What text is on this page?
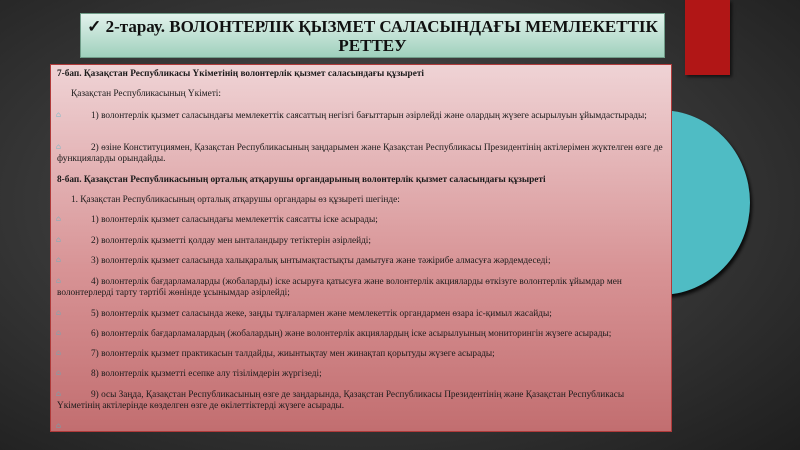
✓ 2-тарау. ВОЛОНТЕРЛІК ҚЫЗМЕТ САЛАСЫНДАҒЫ МЕМЛЕКЕТТІК РЕТТЕУ
7-бап. Қазақстан Республикасы Үкіметінің волонтерлік қызмет саласындағы құзыреті
Қазақстан Республикасының Үкіметі:
⌂	1) волонтерлік қызмет саласындағы мемлекеттік саясаттың негізгі бағыттарын әзірлейді және олардың жүзеге асырылуын ұйымдастырады;
⌂	2) өзіне Конституциямен, Қазақстан Республикасының заңдарымен және Қазақстан Республикасы Президентінің актілерімен жүктелген өзге де функцияларды орындайды.
8-бап. Қазақстан Республикасының орталық атқарушы органдарының волонтерлік қызмет саласындағы құзыреті
1. Қазақстан Республикасының орталық атқарушы органдары өз құзыреті шегінде:
⌂	1) волонтерлік қызмет саласындағы мемлекеттік саясатты іске асырады;
⌂	2) волонтерлік қызметті қолдау мен ынталандыру тетіктерін әзірлейді;
⌂	3) волонтерлік қызмет саласында халықаралық ынтымақтастықты дамытуға және тәжірибе алмасуға жәрдемдеседі;
⌂	4) волонтерлік бағдарламаларды (жобаларды) іске асыруға қатысуға және волонтерлік акцияларды өткізуге волонтерлік ұйымдар мен волонтерлерді тарту тәртібі жөнінде ұсынымдар әзірлейді;
⌂	5) волонтерлік қызмет саласында жеке, заңды тұлғалармен және мемлекеттік органдармен өзара іс-қимыл жасайды;
⌂	6) волонтерлік бағдарламалардың (жобалардың) және волонтерлік акциялардың іске асырылуының мониторингін жүзеге асырады;
⌂	7) волонтерлік қызмет практикасын талдайды, жиынтықтау мен жинақтап қорытуды жүзеге асырады;
⌂	8) волонтерлік қызметті есепке алу тізілімдерін жүргізеді;
⌂	9) осы Заңда, Қазақстан Республикасының өзге де заңдарында, Қазақстан Республикасы Президентінің және Қазақстан Республикасы Үкіметінің актілерінде көзделген өзге де өкілеттіктерді жүзеге асырады.
⌂
